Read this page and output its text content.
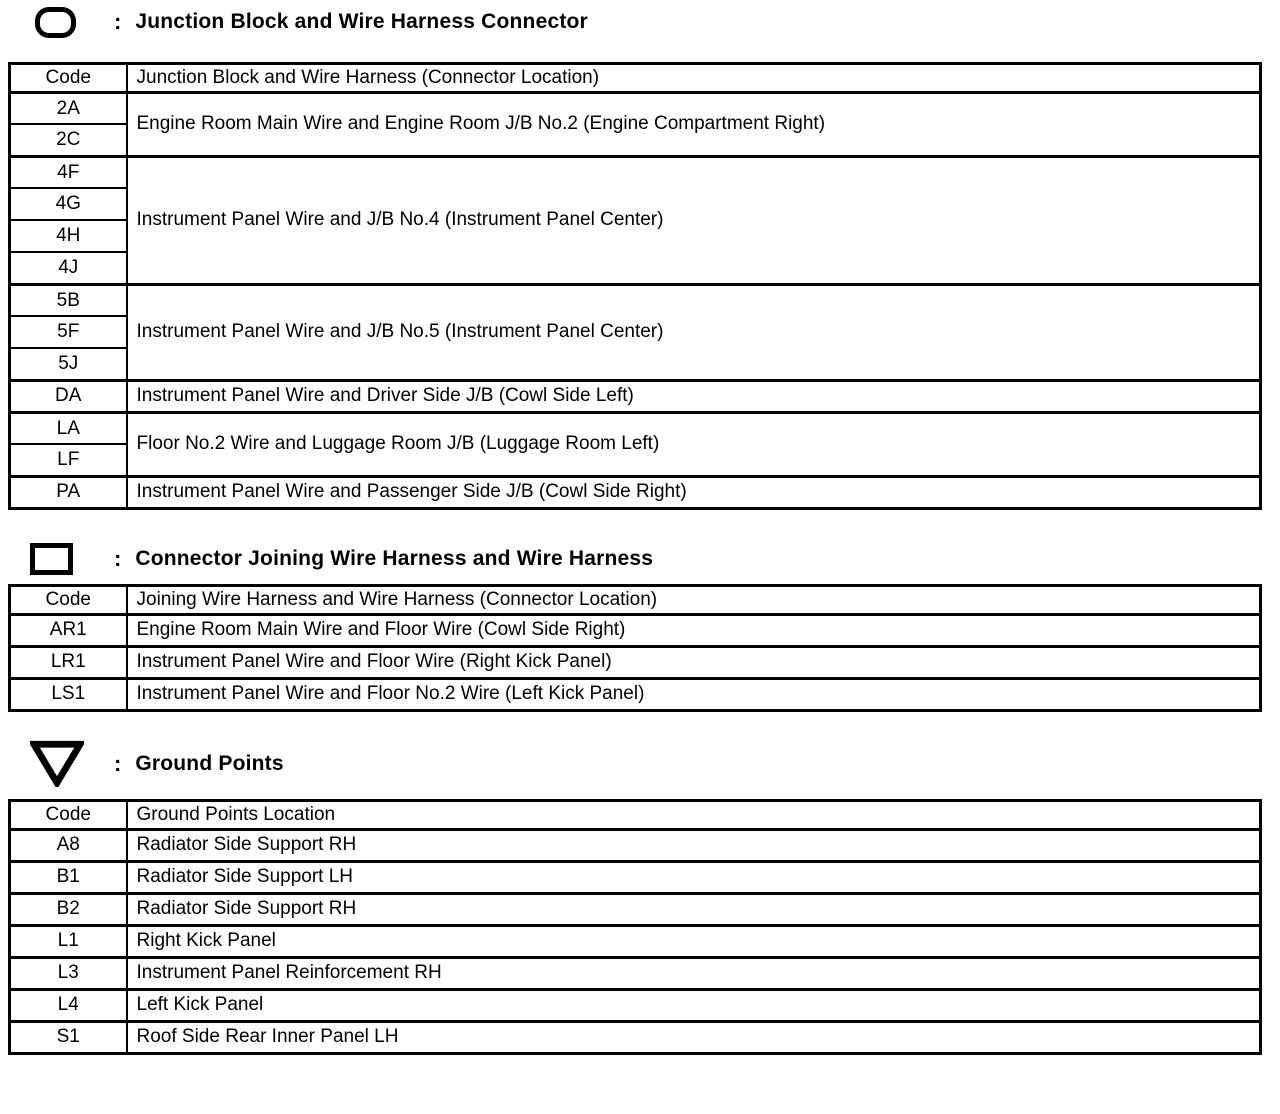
: Junction Block and Wire Harness Connector
Code	Junction Block and Wire Harness (Connector Location)
2A	Engine Room Main Wire and Engine Room J/B No.2 (Engine Compartment Right)
2C	
4F	Instrument Panel Wire and J/B No.4 (Instrument Panel Center)
4G	
4H	
4J	
5B	Instrument Panel Wire and J/B No.5 (Instrument Panel Center)
5F	
5J	
DA	Instrument Panel Wire and Driver Side J/B (Cowl Side Left)
LA	Floor No.2 Wire and Luggage Room J/B (Luggage Room Left)
LF	
PA	Instrument Panel Wire and Passenger Side J/B (Cowl Side Right)
: Connector Joining Wire Harness and Wire Harness
Code	Joining Wire Harness and Wire Harness (Connector Location)
AR1	Engine Room Main Wire and Floor Wire (Cowl Side Right)
LR1	Instrument Panel Wire and Floor Wire (Right Kick Panel)
LS1	Instrument Panel Wire and Floor No.2 Wire (Left Kick Panel)
: Ground Points
Code	Ground Points Location
A8	Radiator Side Support RH
B1	Radiator Side Support LH
B2	Radiator Side Support RH
L1	Right Kick Panel
L3	Instrument Panel Reinforcement RH
L4	Left Kick Panel
S1	Roof Side Rear Inner Panel LH
